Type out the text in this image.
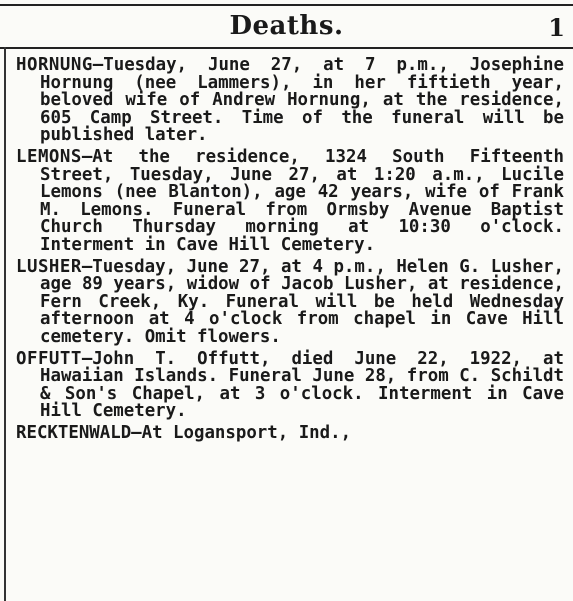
Deaths.	1

HORNUNG—Tuesday, June 27, at 7 p.m., Josephine Hornung (nee Lammers), in her fiftieth year, beloved wife of Andrew Hornung, at the residence, 605 Camp Street. Time of the funeral will be published later.

LEMONS—At the residence, 1324 South Fifteenth Street, Tuesday, June 27, at 1:20 a.m., Lucile Lemons (nee Blanton), age 42 years, wife of Frank M. Lemons. Funeral from Ormsby Avenue Baptist Church Thursday morning at 10:30 o'clock. Interment in Cave Hill Cemetery.

LUSHER—Tuesday, June 27, at 4 p.m., Helen G. Lusher, age 89 years, widow of Jacob Lusher, at residence, Fern Creek, Ky. Funeral will be held Wednesday afternoon at 4 o'clock from chapel in Cave Hill cemetery. Omit flowers.

OFFUTT—John T. Offutt, died June 22, 1922, at Hawaiian Islands. Funeral June 28, from C. Schildt & Son's Chapel, at 3 o'clock. Interment in Cave Hill Cemetery.

RECKTENWALD—At Logansport, Ind.,
